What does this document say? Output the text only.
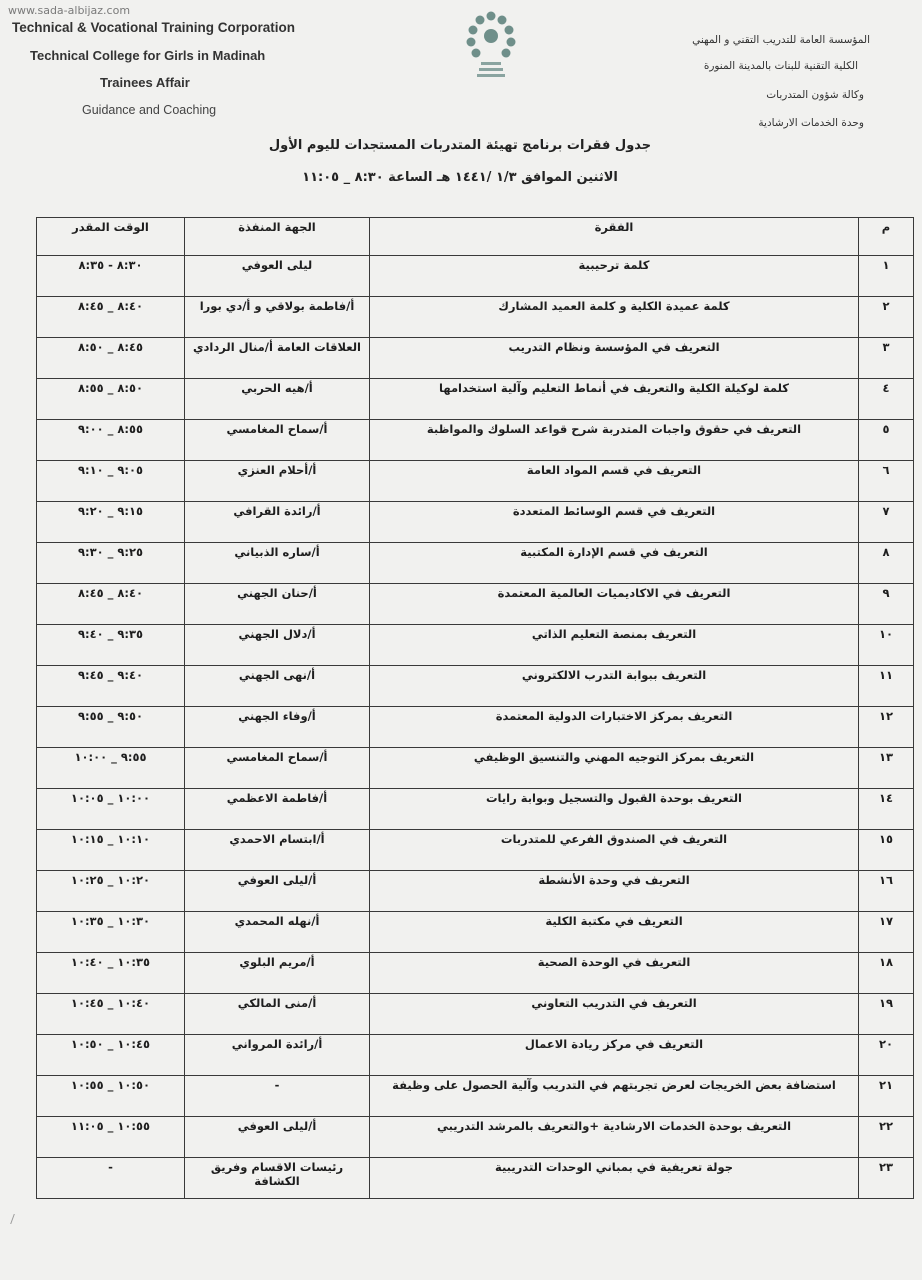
www.sada-albijaz.com
Technical & Vocational Training Corporation
Technical College for Girls in Madinah
Trainees Affair
Guidance and Coaching
المؤسسة العامة للتدريب التقني و المهني
الكلية التقنية للبنات بالمدينة المنورة
وكالة شؤون المتدربات
وحدة الخدمات الارشادية
جدول فقرات برنامج تهيئة المتدربات المستجدات لليوم الأول
الاثنين الموافق ١/٣ /١٤٤١ هـ الساعة ٨:٣٠ _ ١١:٠٥
م	الفقرة	الجهة المنفذة	الوقت المقدر
١	كلمة ترحيبية	ليلى العوفي	٨:٣٠ - ٨:٣٥
٢	كلمة عميدة الكلية و كلمة العميد المشارك	أ/فاطمة بولاقي و أ/دي بورا	٨:٤٠ _ ٨:٤٥
٣	التعريف في المؤسسة ونظام التدريب	العلاقات العامة أ/منال الردادي	٨:٤٥ _ ٨:٥٠
٤	كلمة لوكيلة الكلية والتعريف في أنماط التعليم وآلية استخدامها	أ/هيه الحربي	٨:٥٠ _ ٨:٥٥
٥	التعريف في حقوق واجبات المتدربة شرح قواعد السلوك والمواظبة	أ/سماح المغامسي	٨:٥٥ _ ٩:٠٠
٦	التعريف في قسم المواد العامة	أ/أحلام العنزي	٩:٠٥ _ ٩:١٠
٧	التعريف في قسم الوسائط المتعددة	أ/رائدة القرافي	٩:١٥ _ ٩:٢٠
٨	التعريف في قسم الإدارة المكتبية	أ/ساره الذبياني	٩:٢٥ _ ٩:٣٠
٩	التعريف في الاكاديميات العالمية المعتمدة	أ/حنان الجهني	٨:٤٠ _ ٨:٤٥
١٠	التعريف بمنصة التعليم الذاتي	أ/دلال الجهني	٩:٣٥ _ ٩:٤٠
١١	التعريف ببوابة التدرب الالكتروني	أ/نهى الجهني	٩:٤٠ _ ٩:٤٥
١٢	التعريف بمركز الاختبارات الدولية المعتمدة	أ/وفاء الجهني	٩:٥٠ _ ٩:٥٥
١٣	التعريف بمركز التوجيه المهني والتنسيق الوظيفي	أ/سماح المغامسي	٩:٥٥ _ ١٠:٠٠
١٤	التعريف بوحدة القبول والتسجيل وبوابة رايات	أ/فاطمة الاعظمي	١٠:٠٠ _ ١٠:٠٥
١٥	التعريف في الصندوق الفرعي للمتدربات	أ/ابتسام الاحمدي	١٠:١٠ _ ١٠:١٥
١٦	التعريف في وحدة الأنشطة	أ/ليلى العوفي	١٠:٢٠ _ ١٠:٢٥
١٧	التعريف في مكتبة الكلية	أ/نهله المحمدي	١٠:٣٠ _ ١٠:٣٥
١٨	التعريف في الوحدة الصحية	أ/مريم البلوي	١٠:٣٥ _ ١٠:٤٠
١٩	التعريف في التدريب التعاوني	أ/منى المالكي	١٠:٤٠ _ ١٠:٤٥
٢٠	التعريف في مركز ريادة الاعمال	أ/رائدة المرواني	١٠:٤٥ _ ١٠:٥٠
٢١	استضافة بعض الخريجات لعرض تجربتهم في التدريب وآلية الحصول على وظيفة	-	١٠:٥٠ _ ١٠:٥٥
٢٢	التعريف بوحدة الخدمات الارشادية +والتعريف بالمرشد التدريبي	أ/ليلى العوفي	١٠:٥٥ _ ١١:٠٥
٢٣	جولة تعريفية في بمباني الوحدات التدريبية	رئيسات الاقسام وفريق الكشافة	-
